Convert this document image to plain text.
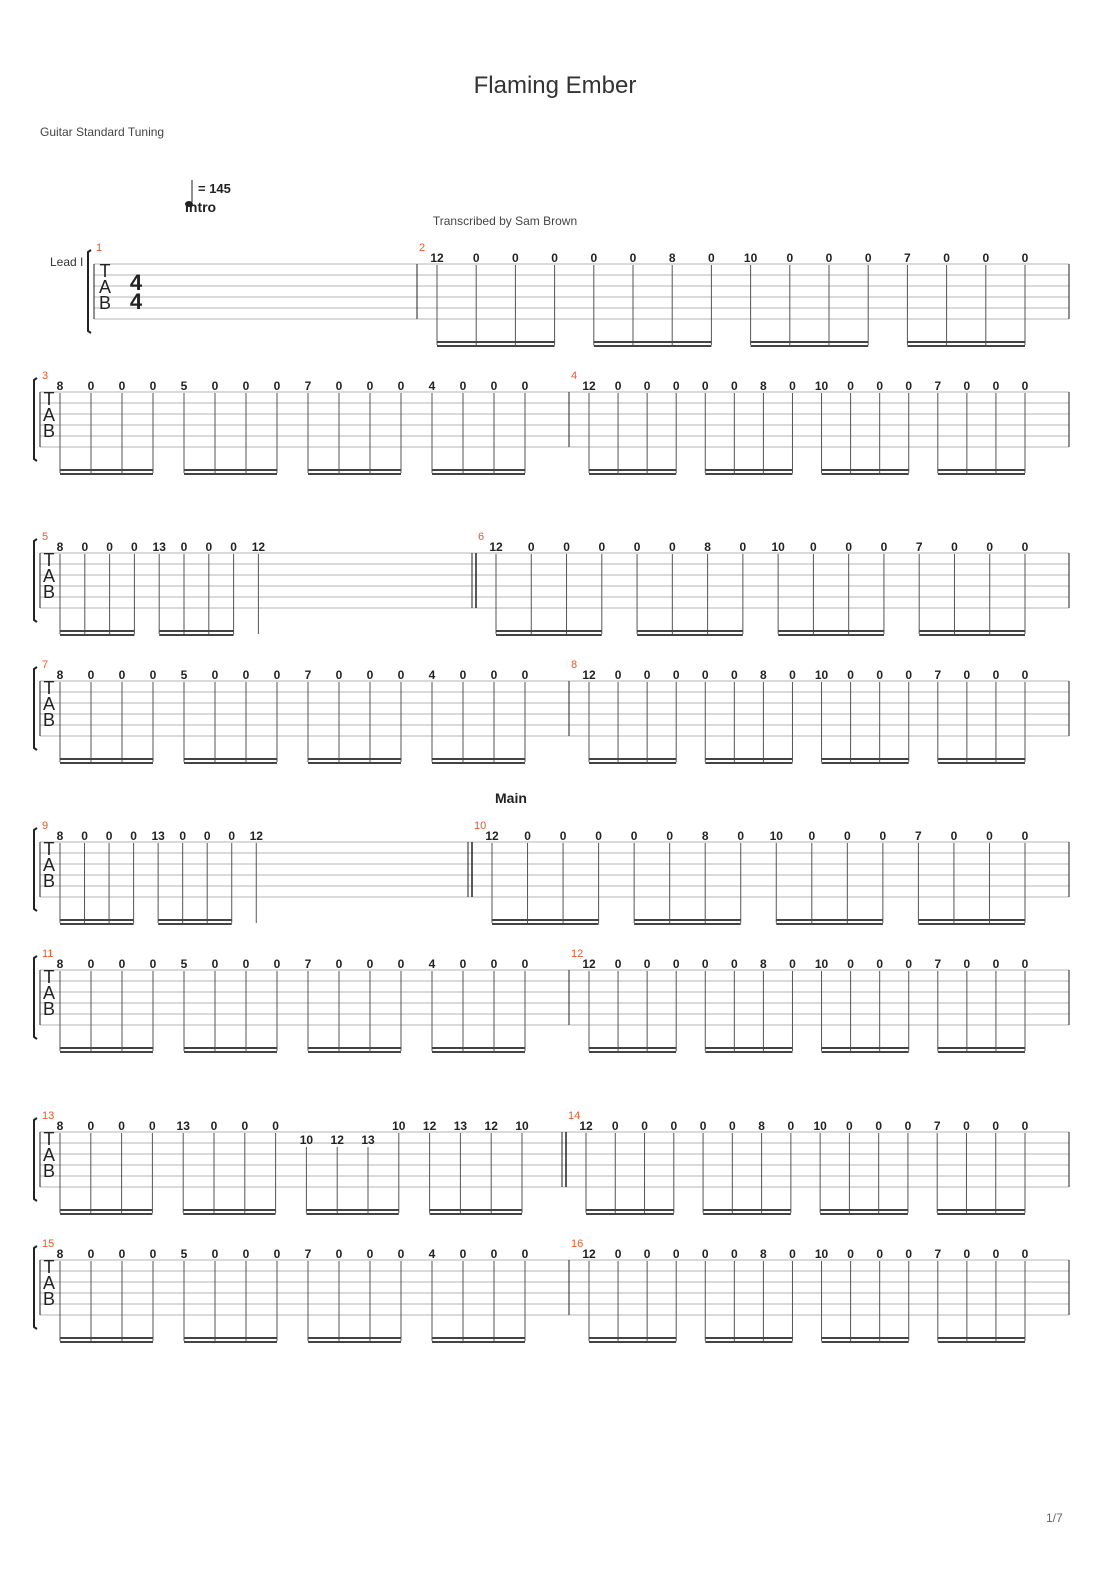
Flaming Ember
Guitar Standard Tuning
= 145
Intro
Transcribed by Sam Brown
Lead I
Main
T
A
B
1
4
4
2
12 0	0	0	0	0	8	0 10 0	0	0	7	0	0	0
T
A
B
3
8 0 0 0 5 0 0 0 7 0 0 0 4 0 0 0
4
12 0 0 0 0 0 8 0 10 0 0 0 7 0 0 0
T
A
B
5
8 0 0 0 13 0 0 0 12
6
12 0 0 0 0 0 8 0 10 0 0 0 7 0 0 0
T
A
B
7
8 0 0 0 5 0 0 0 7 0 0 0 4 0 0 0
8
12 0 0 0 0 0 8 0 10 0 0 0 7 0 0 0
T
A
B
9
8 0 0 0 13 0 0 0 12
10
12 0 0 0 0 0 8 0 10 0 0 0 7 0 0 0
T
A
B
11
8 0 0 0 5 0 0 0 7 0 0 0 4 0 0 0
12
12 0 0 0 0 0 8 0 10 0 0 0 7 0 0 0
T
A
B
13
8 0 0 0 13 0 0 0
10 12 13
10 12 13 12 10
14
12 0 0 0 0 0 8 0 10 0 0 0 7 0 0 0
T
A
B
15
8 0 0 0 5 0 0 0 7 0 0 0 4 0 0 0
16
12 0 0 0 0 0 8 0 10 0 0 0 7 0 0 0
1/7
